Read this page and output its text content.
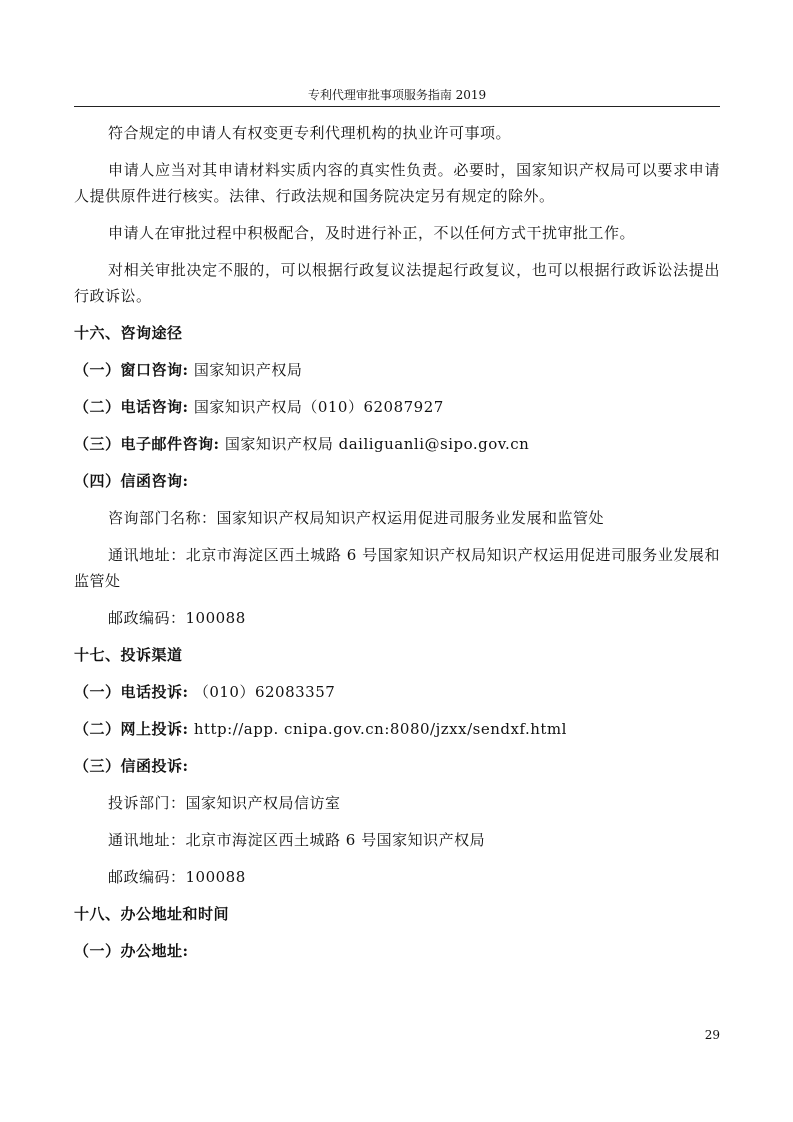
专利代理审批事项服务指南 2019

符合规定的申请人有权变更专利代理机构的执业许可事项。

申请人应当对其申请材料实质内容的真实性负责。必要时，国家知识产权局可以要求申请人提供原件进行核实。法律、行政法规和国务院决定另有规定的除外。

申请人在审批过程中积极配合，及时进行补正，不以任何方式干扰审批工作。

对相关审批决定不服的，可以根据行政复议法提起行政复议，也可以根据行政诉讼法提出行政诉讼。

十六、咨询途径
（一）窗口咨询: 国家知识产权局
（二）电话咨询: 国家知识产权局（010）62087927
（三）电子邮件咨询: 国家知识产权局 dailiguanli@sipo.gov.cn
（四）信函咨询:

咨询部门名称：国家知识产权局知识产权运用促进司服务业发展和监管处

通讯地址：北京市海淀区西土城路 6 号国家知识产权局知识产权运用促进司服务业发展和监管处

邮政编码：100088

十七、投诉渠道
（一）电话投诉: （010）62083357
（二）网上投诉: http://app. cnipa.gov.cn:8080/jzxx/sendxf.html
（三）信函投诉:

投诉部门：国家知识产权局信访室

通讯地址：北京市海淀区西土城路 6 号国家知识产权局

邮政编码：100088

十八、办公地址和时间
（一）办公地址:
29
